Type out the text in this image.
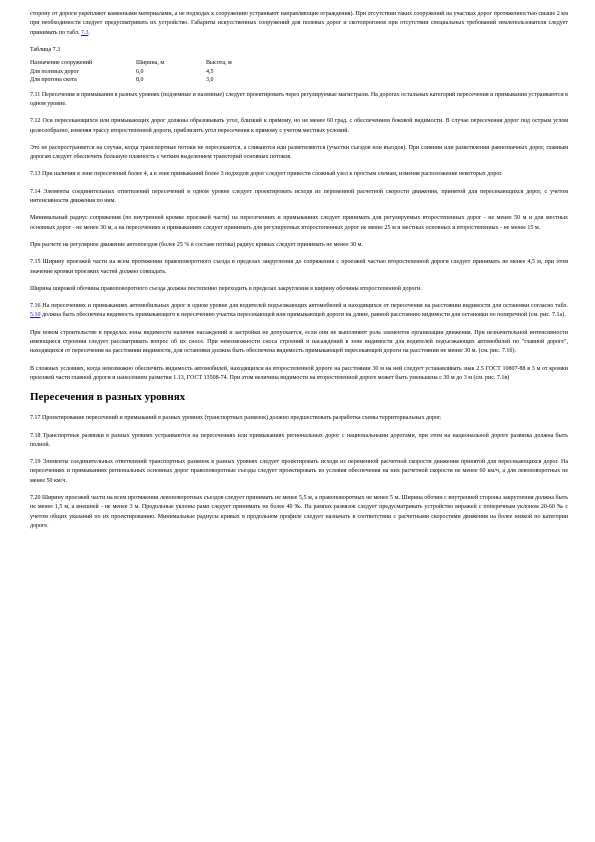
сторону от дороги укрепляют каменными материалами, а не подходах к сооружению устраивают направляющие ограждения). При отсутствии таких сооружений на участках дорог протяженностью свыше 2 км при необходимости следует предусматривать их устройство. Габариты искусственных сооружений для полевых дорог и скотопрогонов при отсутствии специальных требований землепользователя следует принимать по табл. 7.3.

Таблица 7.3
Назначение сооружений	Ширина, м	Высота, м
Для полевых дорог	6,0	4,5
Для прогона скота	8,0	3,0

7.11 Пересечения и примыкания в разных уровнях (подземные и наземные) следует проектировать через регулируемые магистрали. На дорогах остальных категорий пересечения и примыкания устраиваются в одном уровне.

7.12 Оси пересекающихся или примыкающих дорог должны образовывать угол, близкий к прямому, но не менее 60 град. с обеспечением боковой видимости. В случае пересечения дорог под острым углом целесообразно, изменяя трассу второстепенной дороги, приблизить угол пересечения к прямому с учетом местных условий.

Это не распространяется на случаи, когда транспортные потоки не пересекаются, а сливаются или разветвляются (участки съездов или въездов). При слиянии или разветвлении равнозначных дорог, главным дорогам следует обеспечить большую плавность с четким выделением траекторий основных потоков.

7.13 При наличии в зоне пересечений более 4, а в зоне примыканий более 3 подходов дорог следует привести сложный узел к простым схемам, изменяя расположение некоторых дорог.

7.14 Элементы соединительных ответвлений пересечений в одном уровне следует проектировать исходя из переменной расчетной скорости движения, принятой для пересекающихся дорог, с учетом интенсивности движения по ним.

Минимальный радиус сопряжения (по внутренней кромке проезжей части) на пересечениях и примыканиях следует принимать для регулируемых второстепенных дорог - не менее 50 м и для местных основных дорог - не менее 30 м, а на пересечениях и примыканиях следует принимать для регулируемых второстепенных дорог не менее 25 м и местных основных и второстепенных - не менее 15 м.

При расчете на регулярное движение автопоездов (более 25 % в составе потока) радиус кривых следует принимать не менее 30 м.

7.15 Ширину проезжей части на всем протяжении правоповоротного съезда в пределах закругления до сопряжения с проезжей частью второстепенной дороги следует принимать не менее 4,5 м, при этом значение кромки проезжих частей должно совпадать.

Ширина широкой обочины правоповоротного съезда должна постепенно переходить в пределах закругления в ширину обочины второстепенной дороги.

7.16 На пересечениях и примыканиях автомобильных дорог в одном уровне для водителей подъезжающих автомобилей и находящихся от пересечения на расстоянии видимости для остановки согласно табл. 5.10 должна быть обеспечена видимость примыкающего к пересечению участка пересекающей или примыкающей дороги на длине, равной расстоянию видимости для остановки по поперечной (см. рис. 7.1а).

При новом строительстве в пределах зоны видимости наличие насаждений и застройки не допускается, если они не выполняют роль элементов организации движения. При незначительной интенсивности имеющиеся строения следует рассматривать вопрос об их сносе. При невозможности сноса строений и насаждений в зоне видимости для водителей подъезжающих автомобилей по "главной дороге", находящихся от пересечения на расстоянии видимости, для остановки должна быть обеспечена видимость примыкающей пересекающей дороги на расстоянии не менее 30 м. (см. рис. 7.1б).

В сложных условиях, когда невозможно обеспечить видимость автомобилей, находящихся на второстепенной дороге на расстоянии 30 м на ней следует устанавливать знак 2.5 ГОСТ 10807-88 в 3 м от кромки проезжей части главной дороги и нанесением разметки 1.13, ГОСТ 13508-74. При этом величина видимости на второстепенной дороге может быть уменьшена с 30 м до 3 м (см. рис. 7.1в)

Пересечения в разных уровнях

7.17 Проектирование пересечений и примыканий в разных уровнях (транспортных развязок) должно предшествовать разработка схемы территориальных дорог.

7.18 Транспортные развязки в разных уровнях устраиваются на пересечениях или примыканиях региональных дорог с национальными дорогами, при этом на национальной дороге развязка должна быть полной.

7.19 Элементы соединительных ответвлений транспортных развязок в разных уровнях следует проектировать исходя из переменной расчетной скорости движения принятой для пересекающихся дорог. На пересечениях и примыканиях региональных основных дорог правоповоротные съезды следует проектировать из условия обеспечения на них расчетной скорости не менее 60 км/ч, а для левоповоротных не менее 50 км/ч.

7.20 Ширину проезжей части на всем протяжении левоповоротных съездов следует принимать не менее 5,5 м, а правоповоротных не менее 5 м. Ширина обочин с внутренней стороны закругления должна быть не менее 1,5 м, а внешней - не менее 3 м. Продольные уклоны рамп следует принимать не более 40 ‰. На рампах развязок следует предусматривать устройство виражей с поперечным уклоном 20-60 ‰ с учетом общих указаний по их проектированию. Минимальные радиусы кривых в продольном профиле следует назначать в соответствии с расчетными скоростями движения на более низкой по категории дороге.
